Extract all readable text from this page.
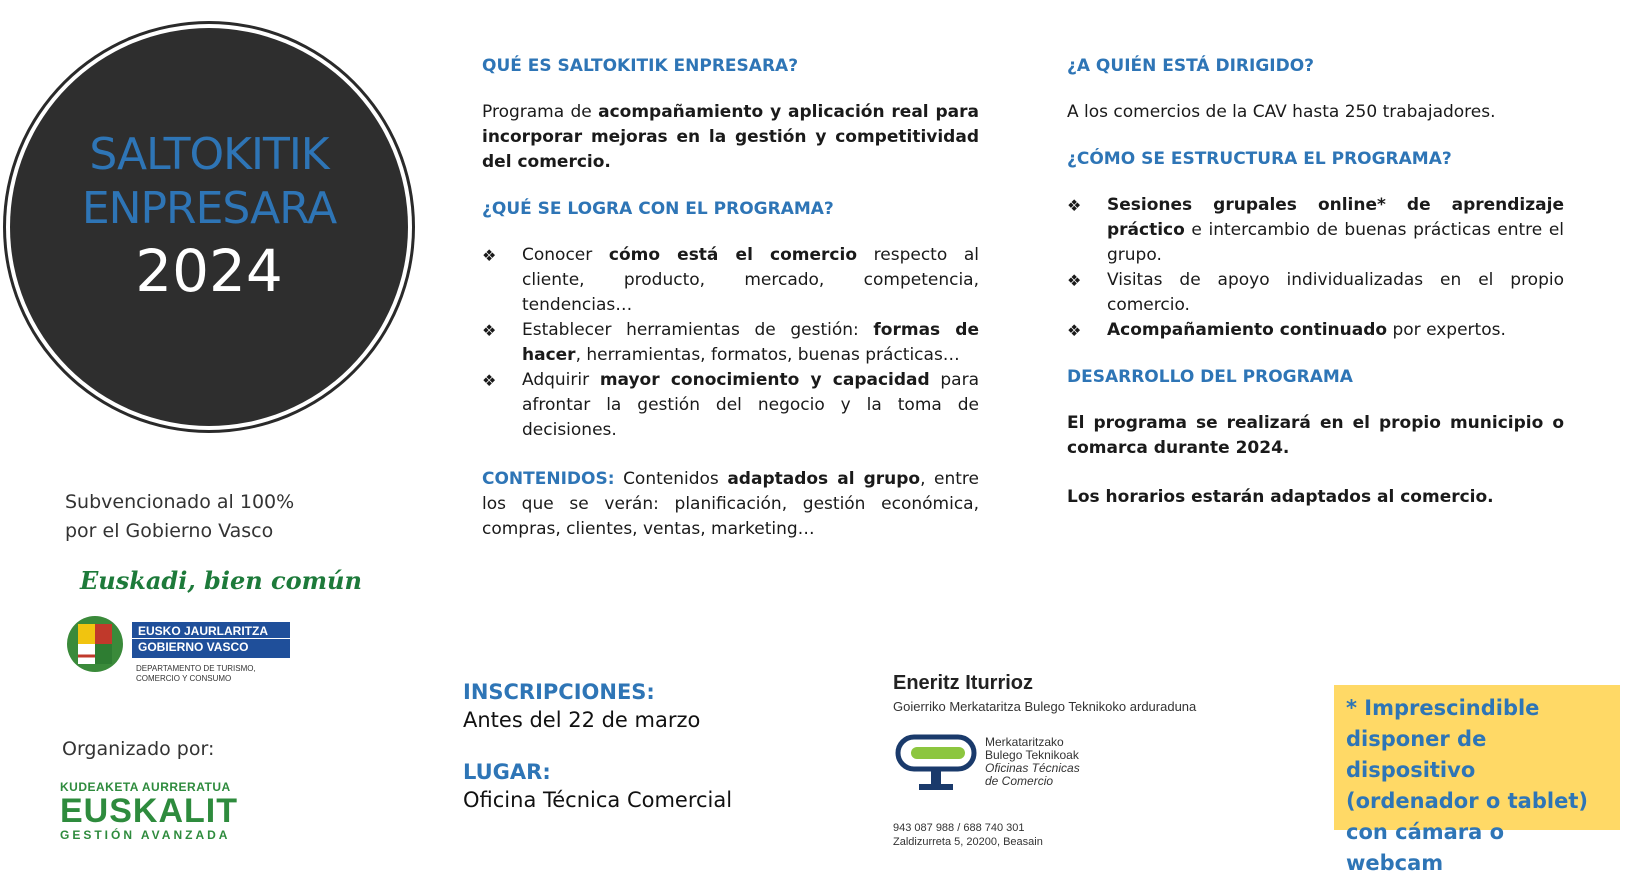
SALTOKITIK
ENPRESARA
2024
Subvencionado al 100%
por el Gobierno Vasco
Euskadi, bien común
EUSKO JAURLARITZA
GOBIERNO VASCO
DEPARTAMENTO DE TURISMO,
COMERCIO Y CONSUMO
Organizado por:
KUDEAKETA AURRERATUA
EUSKALIT
GESTIÓN AVANZADA
QUÉ ES SALTOKITIK ENPRESARA?
Programa de acompañamiento y aplicación real para incorporar mejoras en la gestión y competitividad del comercio.
¿QUÉ SE LOGRA CON EL PROGRAMA?
❖ Conocer cómo está el comercio respecto al cliente, producto, mercado, competencia, tendencias…
❖ Establecer herramientas de gestión: formas de hacer, herramientas, formatos, buenas prácticas…
❖ Adquirir mayor conocimiento y capacidad para afrontar la gestión del negocio y la toma de decisiones.
CONTENIDOS: Contenidos adaptados al grupo, entre los que se verán: planificación, gestión económica, compras, clientes, ventas, marketing…
¿A QUIÉN ESTÁ DIRIGIDO?
A los comercios de la CAV hasta 250 trabajadores.
¿CÓMO SE ESTRUCTURA EL PROGRAMA?
❖ Sesiones grupales online* de aprendizaje práctico e intercambio de buenas prácticas entre el grupo.
❖ Visitas de apoyo individualizadas en el propio comercio.
❖ Acompañamiento continuado por expertos.
DESARROLLO DEL PROGRAMA
El programa se realizará en el propio municipio o comarca durante 2024.
Los horarios estarán adaptados al comercio.
INSCRIPCIONES:
Antes del 22 de marzo
LUGAR:
Oficina Técnica Comercial
Eneritz Iturrioz
Goierriko Merkataritza Bulego Teknikoko arduraduna
Merkataritzako
Bulego Teknikoak
Oficinas Técnicas
de Comercio
943 087 988 / 688 740 301
Zaldizurreta 5, 20200, Beasain
* Imprescindible
disponer de dispositivo
(ordenador o tablet)
con cámara o webcam
